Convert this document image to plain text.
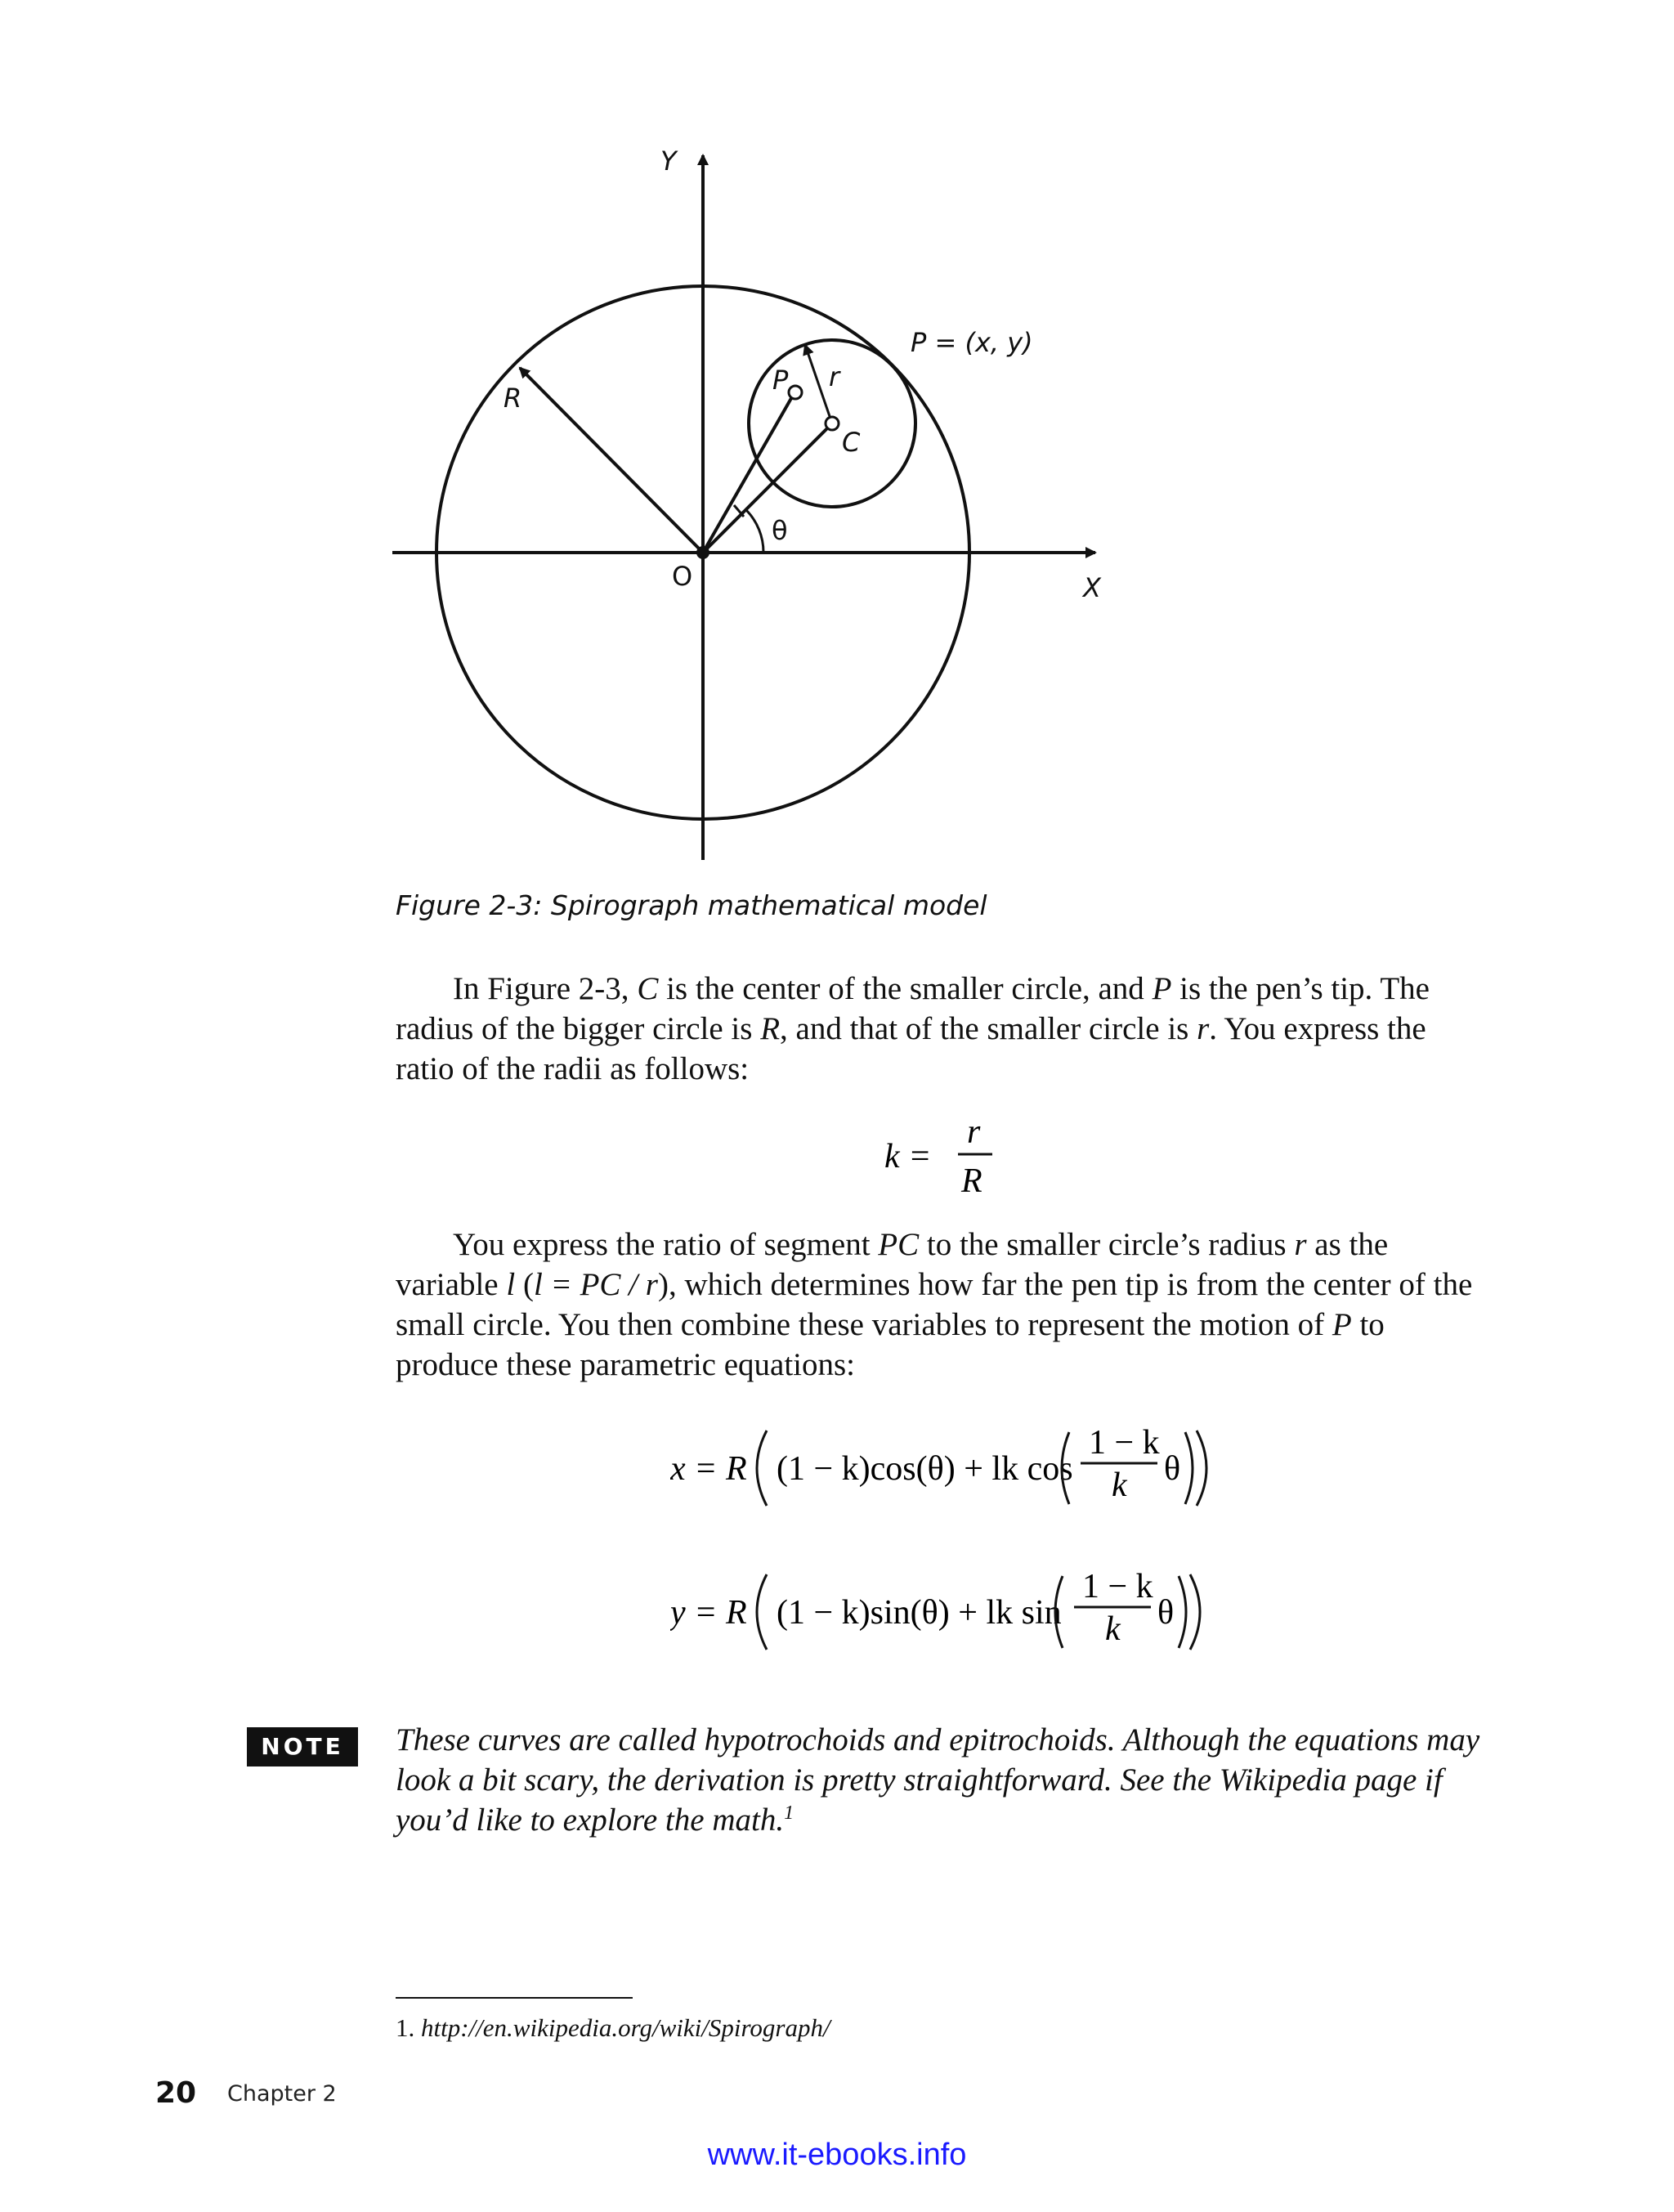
Y
X
O
R
r
P
C
θ
P = (x, y)
Figure 2-3: Spirograph mathematical model

In Figure 2-3, C is the center of the smaller circle, and P is the pen’s tip. The radius of the bigger circle is R, and that of the smaller circle is r. You express the ratio of the radii as follows:

k =
r
R

You express the ratio of segment PC to the smaller circle’s radius r as the variable l (l = PC / r), which determines how far the pen tip is from the center of the small circle. You then combine these variables to represent the motion of P to produce these parametric equations:

x = R (1 − k)cos(θ) + lk cos
1 − k
k θ
y = R (1 − k)sin(θ) + lk sin
1 − k
k θ
NOTE	These curves are called hypotrochoids and epitrochoids. Although the equations may look a bit scary, the derivation is pretty straightforward. See the Wikipedia page if you’d like to explore the math.$^1$

1. http://en.wikipedia.org/wiki/Spirograph/
20 Chapter 2
www.it-ebooks.info
